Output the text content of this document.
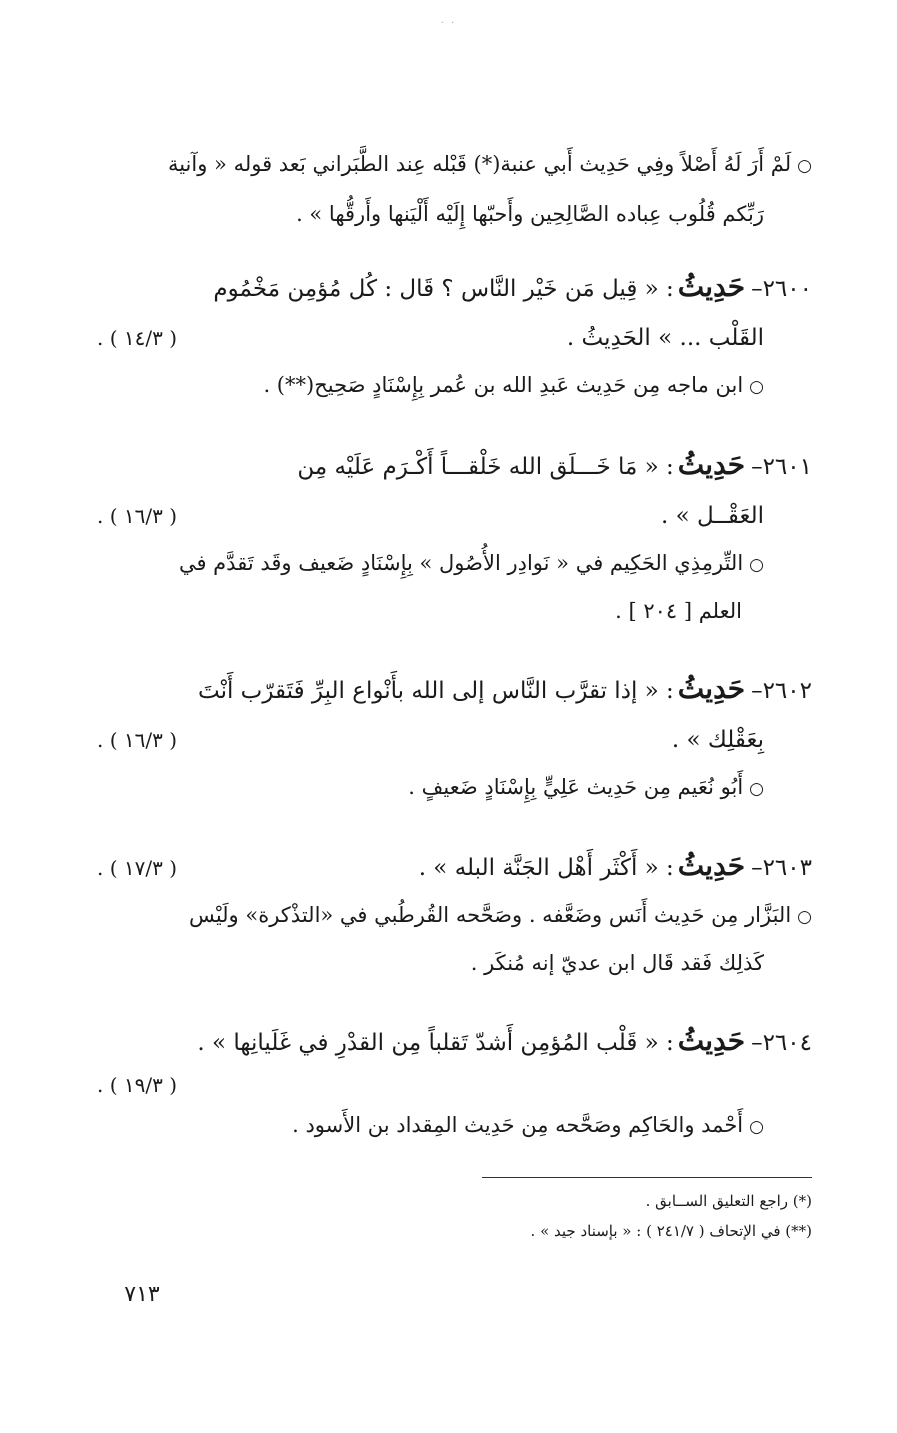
· ·

○لَمْ أَرَ لَهُ أَصْلاً وفِي حَدِيث أَبي عنبة(*) قَبْله عِند الطَّبَراني بَعد قوله « وآنية

رَبِّكم قُلُوب عِباده الصَّالِحِين وأَحبّها إِلَيْه أَلْيَنها وأَرقُّها » .

٢٦٠٠–حَدِيثُ: « قِيل مَن خَيْر النَّاس ؟ قَال : كُل مُؤمِن مَخْمُوم

القَلْب ... » الحَدِيثُ .
( ١٤/٣ ) .

○ابن ماجه مِن حَدِيث عَبدِ الله بن عُمر بِإِسْنَادٍ صَحِيح(**) .

٢٦٠١–حَدِيثُ: « مَا خَـــلَق الله خَلْقـــاً أَكْـرَم عَلَيْه مِن

العَقْــل » .
( ١٦/٣ ) .

○التِّرمِذِي الحَكِيم في « نَوادِر الأُصُول » بِإِسْنَادٍ ضَعيف وقَد تَقدَّم في

العلم [ ٢٠٤ ] .

٢٦٠٢–حَدِيثُ: « إذا تقرَّب النَّاس إلى الله بأَنْواع البِرِّ فَتَقرّب أَنْتَ

بِعَقْلِك » .
( ١٦/٣ ) .

○أَبُو نُعَيم مِن حَدِيث عَلِيٍّ بِإِسْنَادٍ ضَعيفٍ .

٢٦٠٣–حَدِيثُ: « أَكْثَر أَهْل الجَنَّة البله » .
( ١٧/٣ ) .

○البَزَّار مِن حَدِيث أَنَس وضَعَّفه . وصَحَّحه القُرطُبي في «التذْكرة» ولَيْس

كَذلِك فَقد قَال ابن عديّ إنه مُنكَر .

٢٦٠٤–حَدِيثُ: « قَلْب المُؤمِن أَشدّ تَقلباً مِن القدْرِ في غَلَيانِها » .

( ١٩/٣ ) .

○أَحْمد والحَاكِم وصَحَّحه مِن حَدِيث المِقداد بن الأَسود .

(*) راجع التعليق الســابق .

(**) في الإتحاف ( ٢٤١/٧ ) : « بإسناد جيد » .

٧١٣
